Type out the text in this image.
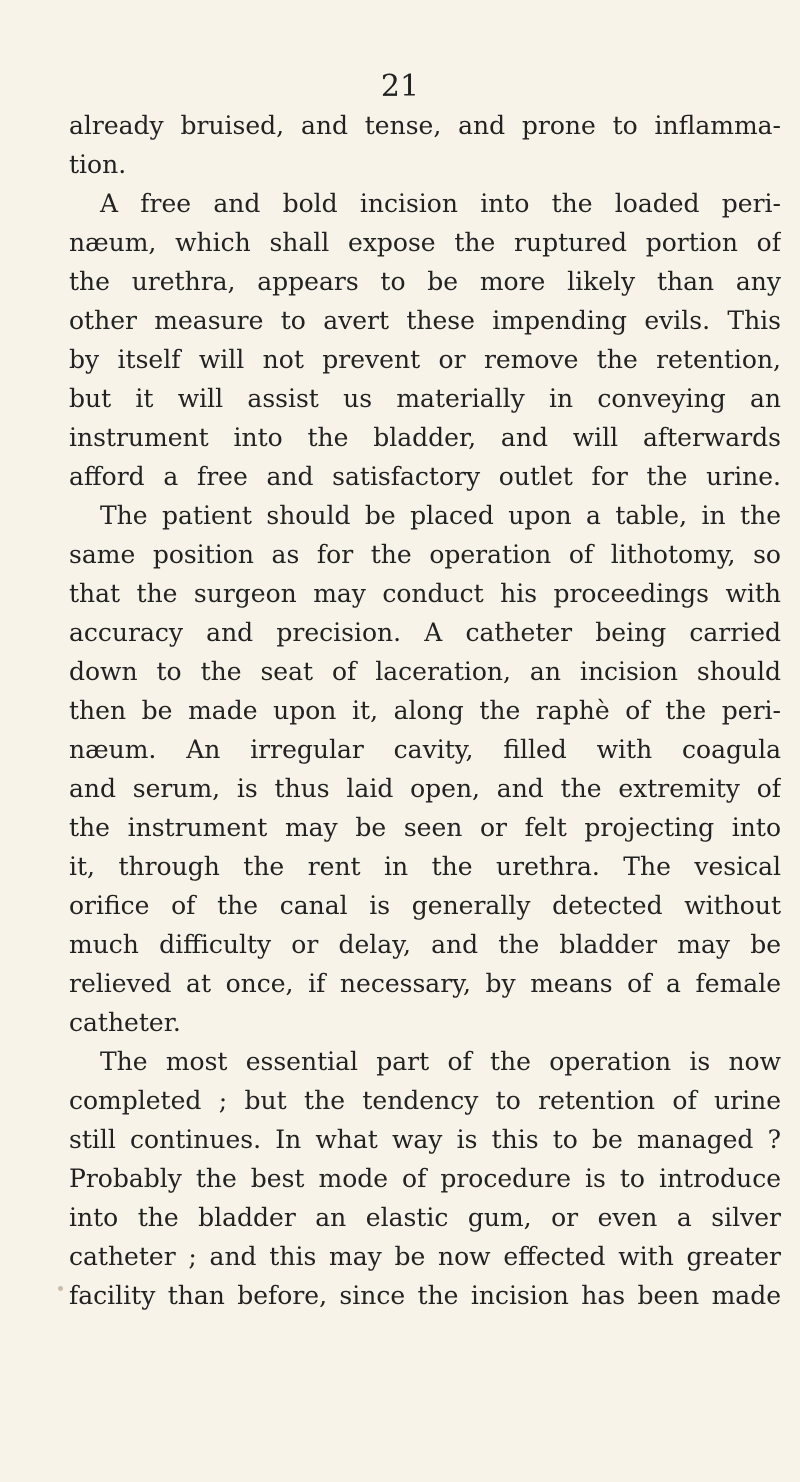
21
already bruised, and tense, and prone to inflamma-
tion.
A free and bold incision into the loaded peri-
næum, which shall expose the ruptured portion of
the urethra, appears to be more likely than any
other measure to avert these impending evils. This
by itself will not prevent or remove the retention,
but it will assist us materially in conveying an
instrument into the bladder, and will afterwards
afford a free and satisfactory outlet for the urine.
The patient should be placed upon a table, in the
same position as for the operation of lithotomy, so
that the surgeon may conduct his proceedings with
accuracy and precision. A catheter being carried
down to the seat of laceration, an incision should
then be made upon it, along the raphè of the peri-
næum. An irregular cavity, filled with coagula
and serum, is thus laid open, and the extremity of
the instrument may be seen or felt projecting into
it, through the rent in the urethra. The vesical
orifice of the canal is generally detected without
much difficulty or delay, and the bladder may be
relieved at once, if necessary, by means of a female
catheter.
The most essential part of the operation is now
completed ; but the tendency to retention of urine
still continues. In what way is this to be managed ?
Probably the best mode of procedure is to introduce
into the bladder an elastic gum, or even a silver
catheter ; and this may be now effected with greater
facility than before, since the incision has been made
